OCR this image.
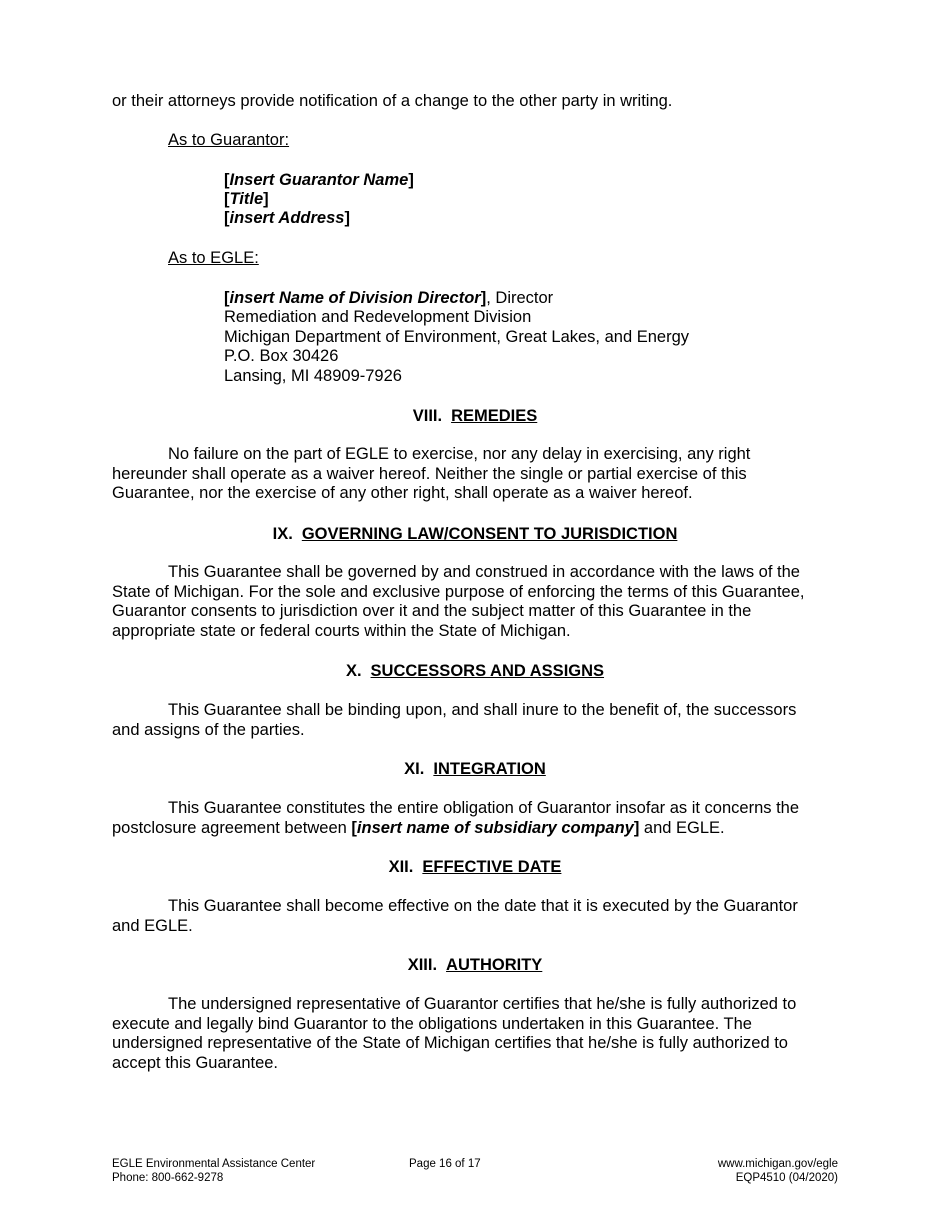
or their attorneys provide notification of a change to the other party in writing.
As to Guarantor:
[Insert Guarantor Name]
[Title]
[insert Address]
As to EGLE:
[insert Name of Division Director], Director
Remediation and Redevelopment Division
Michigan Department of Environment, Great Lakes, and Energy
P.O. Box 30426
Lansing, MI 48909-7926
VIII. REMEDIES
No failure on the part of EGLE to exercise, nor any delay in exercising, any right
hereunder shall operate as a waiver hereof. Neither the single or partial exercise of this
Guarantee, nor the exercise of any other right, shall operate as a waiver hereof.
IX. GOVERNING LAW/CONSENT TO JURISDICTION
This Guarantee shall be governed by and construed in accordance with the laws of the
State of Michigan. For the sole and exclusive purpose of enforcing the terms of this Guarantee,
Guarantor consents to jurisdiction over it and the subject matter of this Guarantee in the
appropriate state or federal courts within the State of Michigan.
X. SUCCESSORS AND ASSIGNS
This Guarantee shall be binding upon, and shall inure to the benefit of, the successors
and assigns of the parties.
XI. INTEGRATION
This Guarantee constitutes the entire obligation of Guarantor insofar as it concerns the
postclosure agreement between [insert name of subsidiary company] and EGLE.
XII. EFFECTIVE DATE
This Guarantee shall become effective on the date that it is executed by the Guarantor
and EGLE.
XIII. AUTHORITY
The undersigned representative of Guarantor certifies that he/she is fully authorized to
execute and legally bind Guarantor to the obligations undertaken in this Guarantee. The
undersigned representative of the State of Michigan certifies that he/she is fully authorized to
accept this Guarantee.
EGLE Environmental Assistance Center
Phone: 800-662-9278
Page 16 of 17	www.michigan.gov/egle
EQP4510 (04/2020)
